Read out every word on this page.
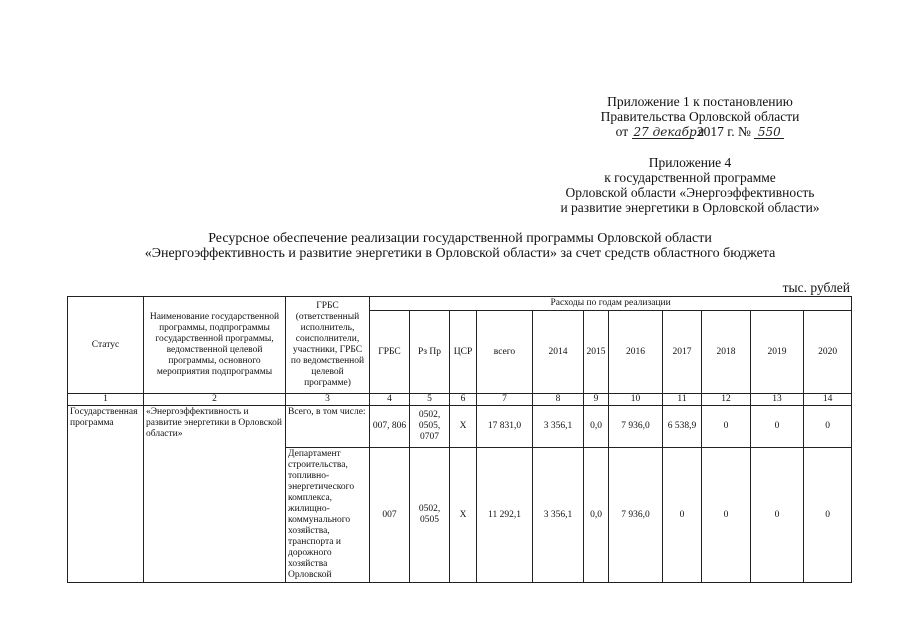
Приложение 1 к постановлению
Правительства Орловской области
от 27 декабря 2017 г. № 550
Приложение 4
к государственной программе
Орловской области «Энергоэффективность
и развитие энергетики в Орловской области»
Ресурсное обеспечение реализации государственной программы Орловской области
«Энергоэффективность и развитие энергетики в Орловской области» за счет средств областного бюджета
тыс. рублей
Статус	Наименование государственной программы, подпрограммы государственной программы, ведомственной целевой программы, основного мероприятия подпрограммы	ГРБС (ответственный исполнитель, соисполнители, участники, ГРБС по ведомственной целевой программе)	Расходы по годам реализации										
			ГРБС	Рз Пр	ЦСР	всего	2014	2015	2016	2017	2018	2019	2020
1	2	3	4	5	6	7	8	9	10	11	12	13	14
Государственная программа	«Энергоэффективность и развитие энергетики в Орловской области»	Всего, в том числе:	007, 806	0502, 0505, 0707	Х	17 831,0	3 356,1	0,0	7 936,0	6 538,9	0	0	0
		Департамент строительства, топливно-энергетического комплекса, жилищно-коммунального хозяйства, транспорта и дорожного хозяйства Орловской	007	0502, 0505	Х	11 292,1	3 356,1	0,0	7 936,0	0	0	0	0
